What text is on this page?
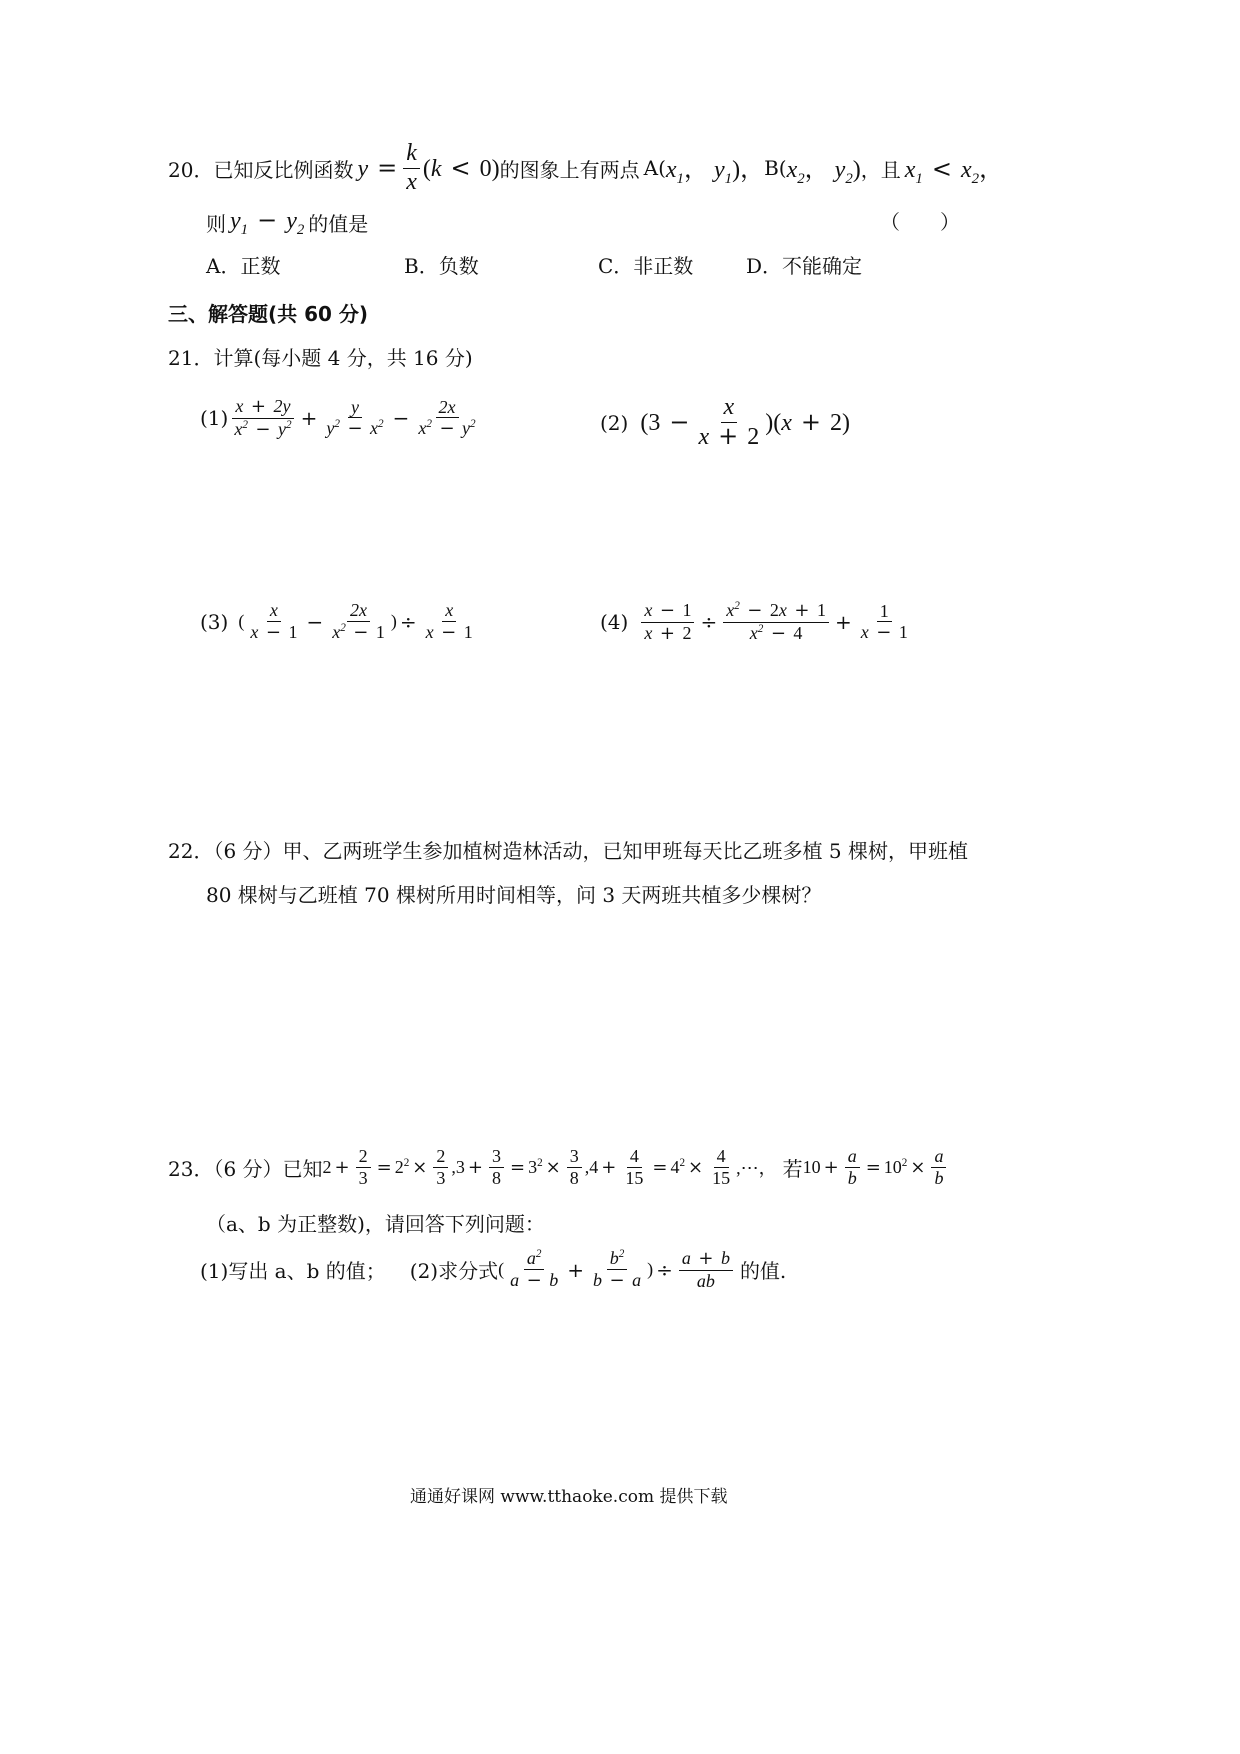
20． 已知反比例函数 $y = \frac{k}{x} (k < 0)$ 的图象上有两点 A( $x_1$， $y_1$)， B( $x_2$， $y_2$) ，且 $x_1 < x_2$，
则 $y_1 - y_2$ 的值是	（　　）
A．正数	B．负数	C．非正数	D．不能确定
三、解答题(共 60 分)
21．计算(每小题 4 分，共 16 分)
$(1) \frac{x + 2y}{x^2 - y^2} + \frac{y}{y^2 - x^2} - \frac{2x}{x^2 - y^2}$	(2) $(3 - \frac{x}{x + 2} )(x + 2)$
(3) ( $\frac{x}{x - 1} - \frac{2x}{x^2 - 1}$ ) ÷ $\frac{x}{x - 1}$	$(4) \frac{x - 1}{x + 2} \div \frac{x^2 - 2x + 1}{x^2 - 4} + \frac{1}{x - 1}$
22．（6 分）甲、乙两班学生参加植树造林活动，已知甲班每天比乙班多植 5 棵树，甲班植
80 棵树与乙班植 70 棵树所用时间相等，问 3 天两班共植多少棵树？
23．（6 分）已知 $2 + \frac{2}{3} = 2^2 \times \frac{2}{3} ,3 + \frac{3}{8} = 3^2 \times \frac{3}{8} ,4 + \frac{4}{15} = 4^2 \times \frac{4}{15}$ ,⋯， 若 $10 + \frac{a}{b} = 10^2 \times \frac{a}{b}$
（a、b 为正整数)，请回答下列问题：
(1)写出 a、b 的值； (2)求分式 ( $\frac{a^2}{a - b} + \frac{b^2}{b - a}$ ) ÷ $\frac{a + b}{ab}$ 的值.
通通好课网 www.tthaoke.com 提供下载
